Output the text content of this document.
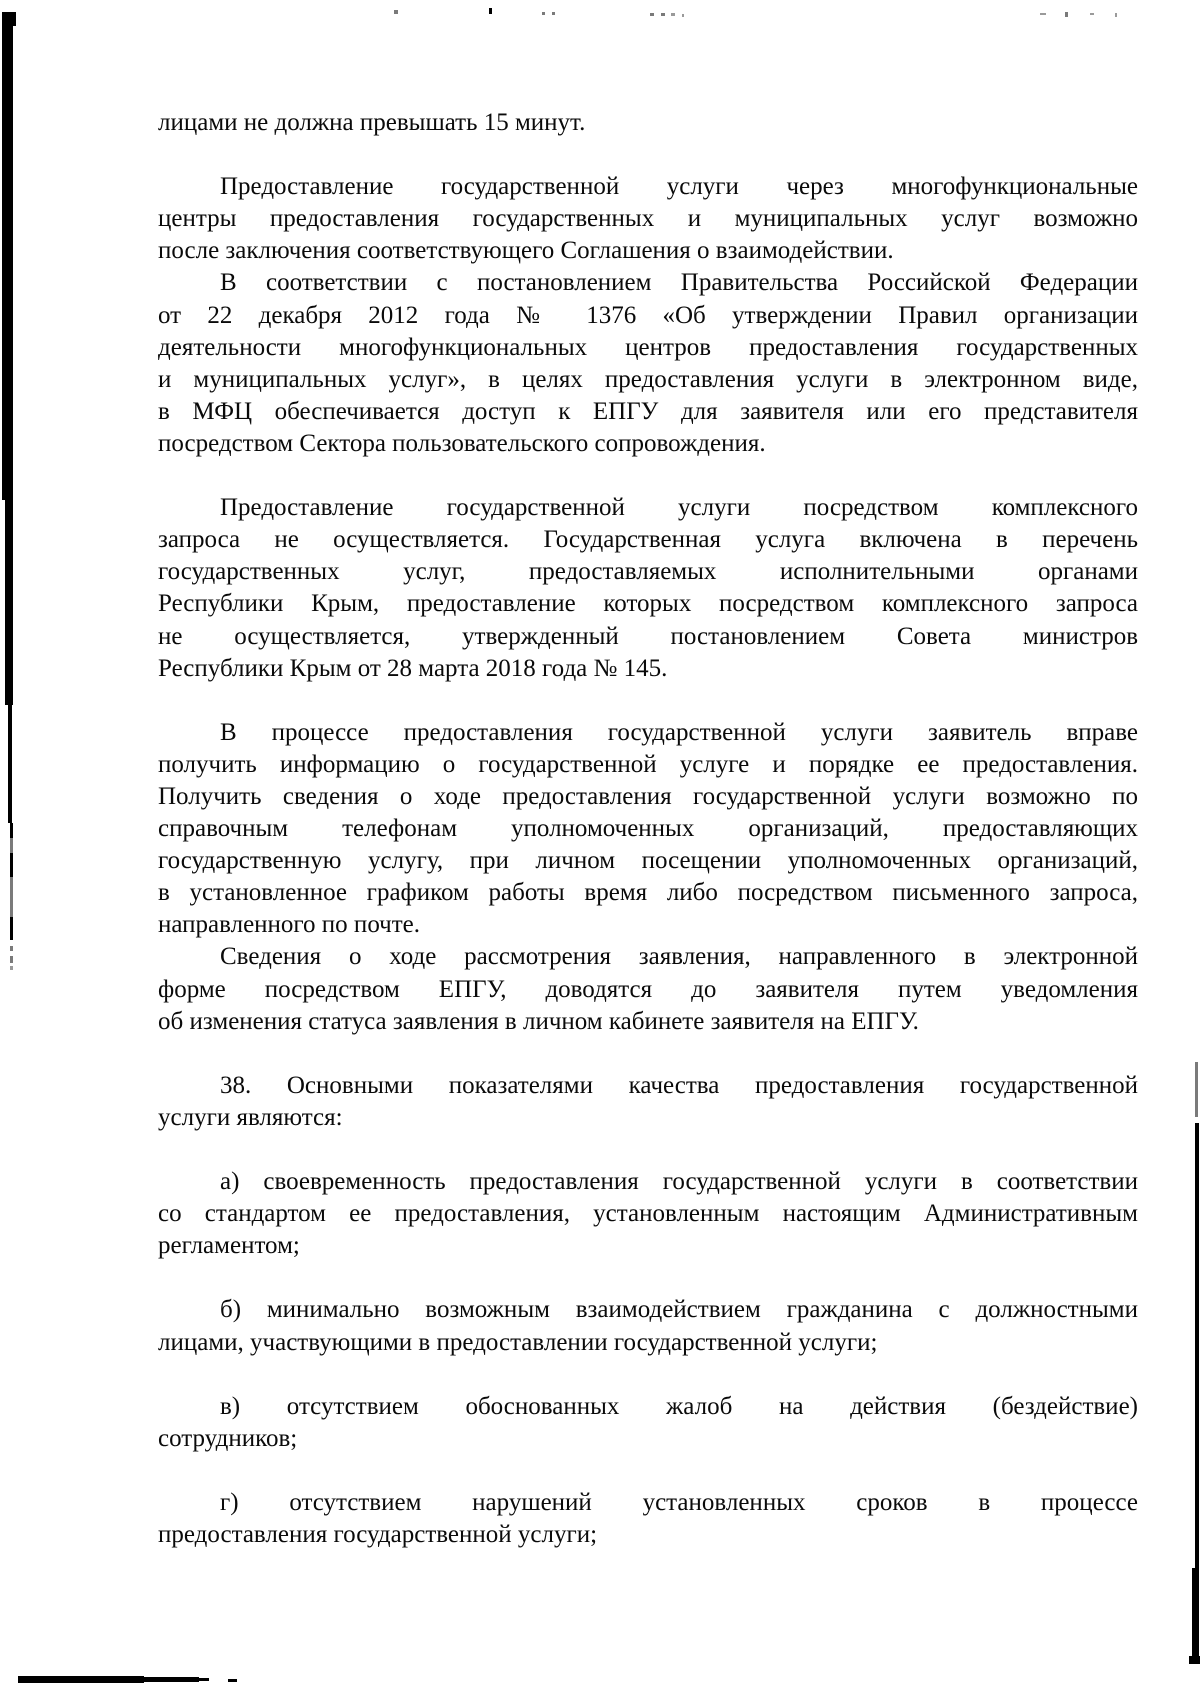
лицами не должна превышать 15 минут.
Предоставление государственной услуги через многофункциональные
центры предоставления государственных и муниципальных услуг возможно
после заключения соответствующего Соглашения о взаимодействии.
В соответствии с постановлением Правительства Российской Федерации
от 22 декабря 2012 года № 1376 «Об утверждении Правил организации
деятельности многофункциональных центров предоставления государственных
и муниципальных услуг», в целях предоставления услуги в электронном виде,
в МФЦ обеспечивается доступ к ЕПГУ для заявителя или его представителя
посредством Сектора пользовательского сопровождения.
Предоставление государственной услуги посредством комплексного
запроса не осуществляется. Государственная услуга включена в перечень
государственных услуг, предоставляемых исполнительными органами
Республики Крым, предоставление которых посредством комплексного запроса
не осуществляется, утвержденный постановлением Совета министров
Республики Крым от 28 марта 2018 года № 145.
В процессе предоставления государственной услуги заявитель вправе
получить информацию о государственной услуге и порядке ее предоставления.
Получить сведения о ходе предоставления государственной услуги возможно по
справочным телефонам уполномоченных организаций, предоставляющих
государственную услугу, при личном посещении уполномоченных организаций,
в установленное графиком работы время либо посредством письменного запроса,
направленного по почте.
Сведения о ходе рассмотрения заявления, направленного в электронной
форме посредством ЕПГУ, доводятся до заявителя путем уведомления
об изменения статуса заявления в личном кабинете заявителя на ЕПГУ.
38. Основными показателями качества предоставления государственной
услуги являются:
а) своевременность предоставления государственной услуги в соответствии
со стандартом ее предоставления, установленным настоящим Административным
регламентом;
б) минимально возможным взаимодействием гражданина с должностными
лицами, участвующими в предоставлении государственной услуги;
в) отсутствием обоснованных жалоб на действия (бездействие)
сотрудников;
г) отсутствием нарушений установленных сроков в процессе
предоставления государственной услуги;
